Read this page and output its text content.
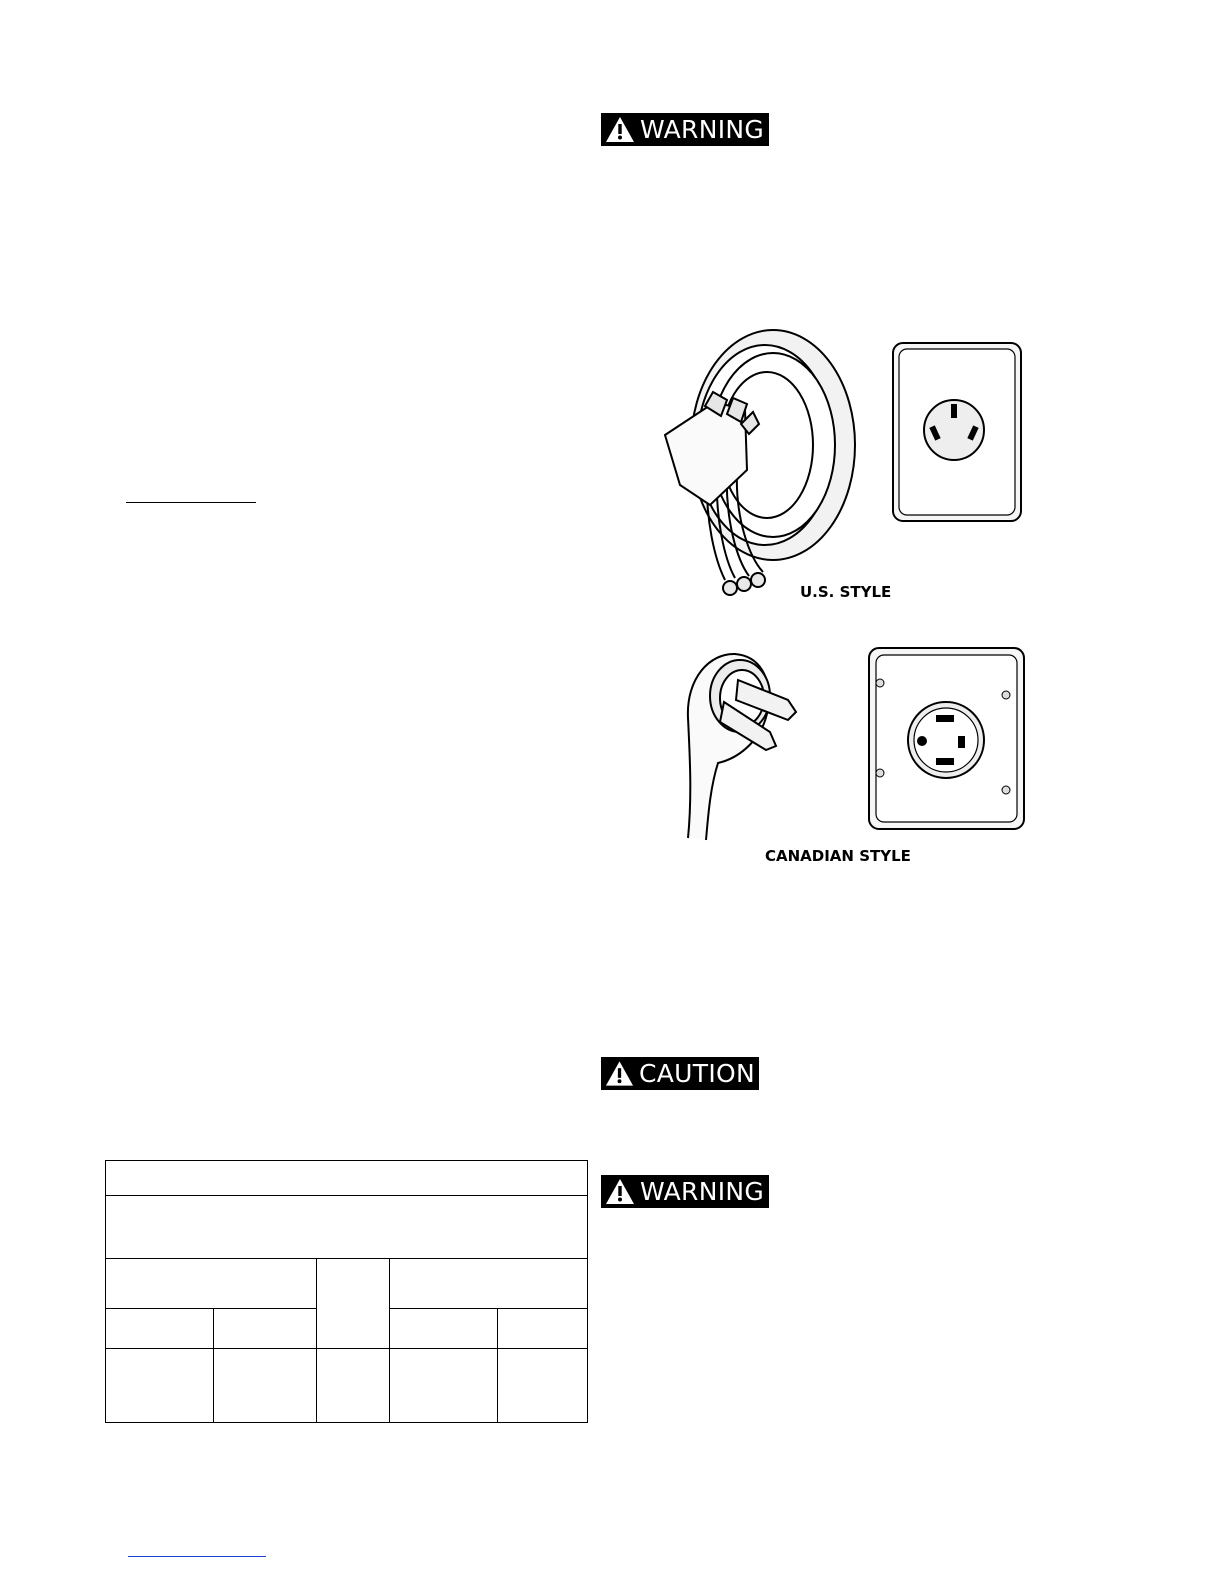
WARNING
U.S. STYLE
CANADIAN STYLE
CAUTION
WARNING
